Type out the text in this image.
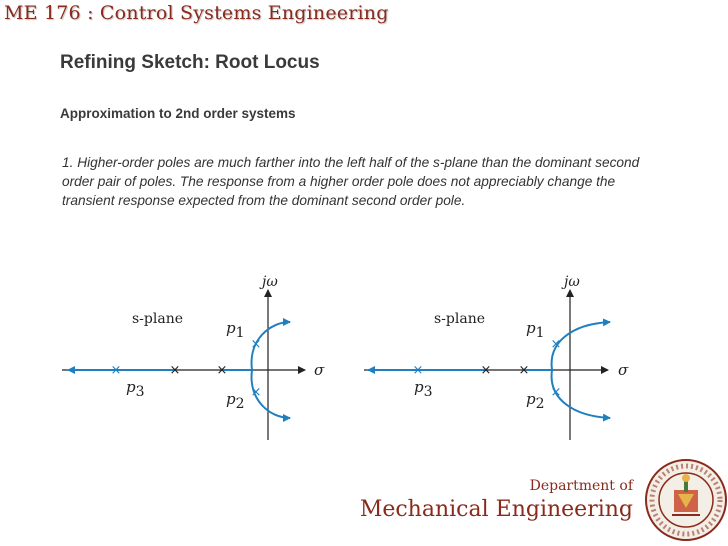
ME 176 : Control Systems Engineering
Refining Sketch: Root Locus
Approximation to 2nd order systems
1. Higher-order poles are much farther into the left half of the s-plane than the dominant second order pair of poles. The response from a higher order pole does not appreciably change the transient response expected from the dominant second order pole.
×	×	×
×
×
jω
σ
s-plane	p1
p2
p3
×	× ×
×
×
jω
σ
s-plane	p1
p2
p3
Department of
Mechanical Engineering
